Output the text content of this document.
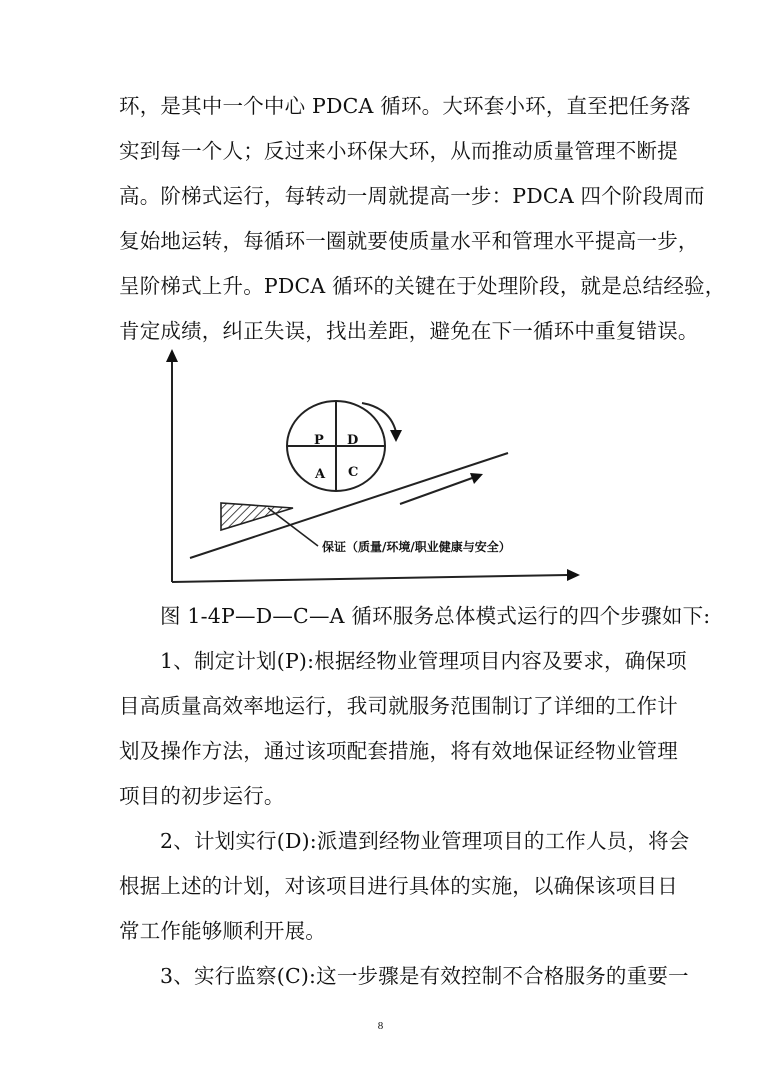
环，是其中一个中心 PDCA 循环。大环套小环，直至把任务落
实到每一个人；反过来小环保大环，从而推动质量管理不断提
高。阶梯式运行，每转动一周就提高一步：PDCA 四个阶段周而
复始地运转，每循环一圈就要使质量水平和管理水平提高一步，
呈阶梯式上升。PDCA 循环的关键在于处理阶段，就是总结经验，
肯定成绩，纠正失误，找出差距，避免在下一循环中重复错误。
P D
A C
保证（质量/环境/职业健康与安全）
图 1-4P—D—C—A 循环服务总体模式运行的四个步骤如下:
1、制定计划(P):根据经物业管理项目内容及要求，确保项
目高质量高效率地运行，我司就服务范围制订了详细的工作计
划及操作方法，通过该项配套措施，将有效地保证经物业管理
项目的初步运行。
2、计划实行(D):派遣到经物业管理项目的工作人员，将会
根据上述的计划，对该项目进行具体的实施，以确保该项目日
常工作能够顺利开展。
3、实行监察(C):这一步骤是有效控制不合格服务的重要一
8
